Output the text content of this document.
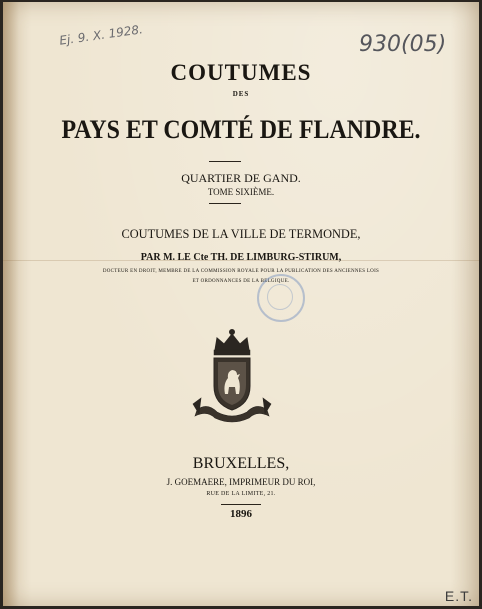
Ej. 9. X. 1928.	930(05)
COUTUMES
DES
PAYS ET COMTÉ DE FLANDRE.
QUARTIER DE GAND.
TOME SIXIÈME.
COUTUMES DE LA VILLE DE TERMONDE,
PAR M. LE Cte TH. DE LIMBURG-STIRUM,
DOCTEUR EN DROIT, MEMBRE DE LA COMMISSION ROYALE POUR LA PUBLICATION DES ANCIENNES LOIS
ET ORDONNANCES DE LA BELGIQUE.
BRUXELLES,
J. GOEMAERE, IMPRIMEUR DU ROI,
RUE DE LA LIMITE, 21.
1896
E.T.
